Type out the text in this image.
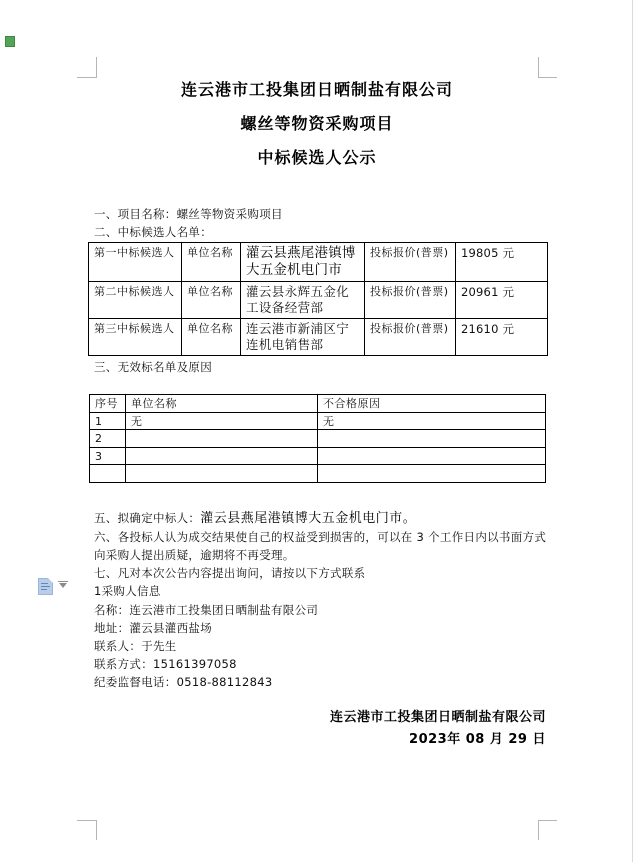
连云港市工投集团日晒制盐有限公司
螺丝等物资采购项目
中标候选人公示
一、项目名称：螺丝等物资采购项目
二、中标候选人名单：
第一中标候选人	单位名称	灌云县燕尾港镇博大五金机电门市	投标报价(普票)	19805 元
第二中标候选人	单位名称	灌云县永辉五金化工设备经营部	投标报价(普票)	20961 元
第三中标候选人	单位名称	连云港市新浦区宁连机电销售部	投标报价(普票)	21610 元
三、无效标名单及原因
序号	单位名称	不合格原因
1	无	无
2		
3		

五、拟确定中标人：灌云县燕尾港镇博大五金机电门市。
六、各投标人认为成交结果使自己的权益受到损害的，可以在 3 个工作日内以书面方式向采购人提出质疑，逾期将不再受理。
七、凡对本次公告内容提出询问，请按以下方式联系
1采购人信息
名称：连云港市工投集团日晒制盐有限公司
地址：灌云县灌西盐场
联系人：于先生
联系方式：15161397058
纪委监督电话：0518-88112843
连云港市工投集团日晒制盐有限公司
2023年 08 月 29 日
